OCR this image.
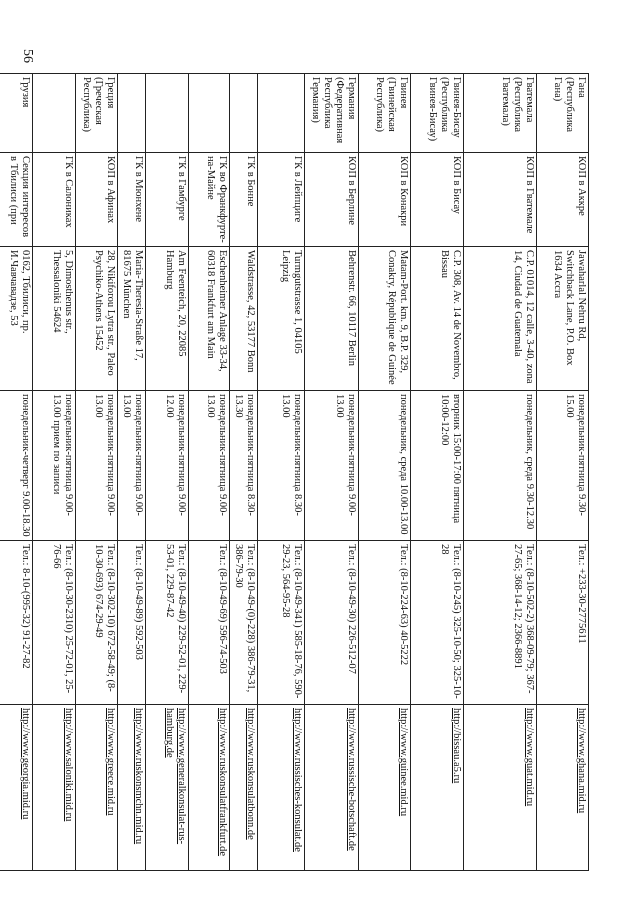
56
Гана (Республика Гана)	КОП в Аккре	Jawaharlal Nehru Rd, Switchback Lane, P.O. Box 1634 Accra	понедельник-пятница 9.30-15.00	Тел.: +233-30-2775611	http://www.ghana.mid.ru
Гватемала (Республика Гватемала)	КОП в Гватемале	C.P. 01014, 12 calle, 3-40, zona 14, Ciudad de Guatemala	понедельник, среда 9.30-12.30	Тел.: (8-10-502-2) 368-09-79; 367-27-65; 368-14-12; 2366-8891	http://www.guat.mid.ru
Гвинея-Бисау (Республика Гвинея-Бисау)	КОП в Бисау	C.P. 308, Av. 14 de Novembro, Bissau	вторник 15:00-17:00 пятница 10:00-12:00	Тел.: (8-10-245) 325-10-50; 325-10-28	http://bissau.a5.ru
Гвинея (Гвинейская Республика)	КОП в Конакри	Matam-Port. km. 9, B.P. 329, Conakry, République de Guinée	понедельник, среда 10.00-13.00	Тел.: (8-10-224-63) 40-5222	http://www.guinee.mid.ru
Германия (Федеративная Республика Германия)	КОП в Берлине	Behrenstr. 66, 10117 Berlin	понедельник-пятница 9.00-13.00	Тел.: (8-10-49-30) 226-512-07	http://www.russische-botschaft.de
	ГК в Лейпциге	Turmgutstrasse 1, 04105 Leipzig	понедельник-пятница 8.30-13.00	Тел.: (8-10-49-341) 585-18-76, 590-29-23, 564-95-28	http://www.russisches-konsulat.de
	ГК в Бонне	Waldstrasse, 42, 53177 Bonn	понедельник-пятница 8.30-13.30	Тел.: (8-10-49-(0)-228) 386-79-31, 386-79-30	http://www.ruskonsulatbonn.de
	ГК во Франкфурте-на-Майне	Eschenheimer Anlage 33-34, 60318 Frankfurt am Main	понедельник-пятница 9.00-13.00	Тел.: (8-10-49-69) 596-74-503	http://www.ruskonsulatfrankfurt.de
	ГК в Гамбурге	Am Feenteich, 20, 22085 Hamburg	понедельник-пятница 9.00-12.00	Тел.: (8-10-49-40) 229-52-01, 229-53-01, 229-87-42	http://www.generalkonsulat-rus-hamburg.de
	ГК в Мюнхене	Maria-Theresia-Straße 17, 81675 München	понедельник-пятница 9.00-13.00	Тел.: (8-10-49-89) 592-503	http://www.ruskonsmchn.mid.ru
Греция (Греческая Республика)	КОП в Афинах	28, Nikiforou Lytra str., Paleo Psychiko-Athens 15452	понедельник-пятница 9.00-13.00	Тел.: (8-10-302-10) 672-58-49; (8-10-30-693) 674-29-49	http://www.greece.mid.ru
	ГК в Салониках	5, Dimosthenus str., Thessaloniki 54624	понедельник-пятница 9.00-13.00 прием по записи	Тел.: (8-10-30-2310) 25-72-01, 25-76-66	http://www.saloniki.mid.ru
Грузия	Секция интересов в Тбилиси (при	0162, Тбилиси, пр. И.Чавчавадзе, 53	понедельник-четверг 9.00-18.30	Тел.: 8-10-(995-32) 91-27-82	http://www.georgia.mid.ru
